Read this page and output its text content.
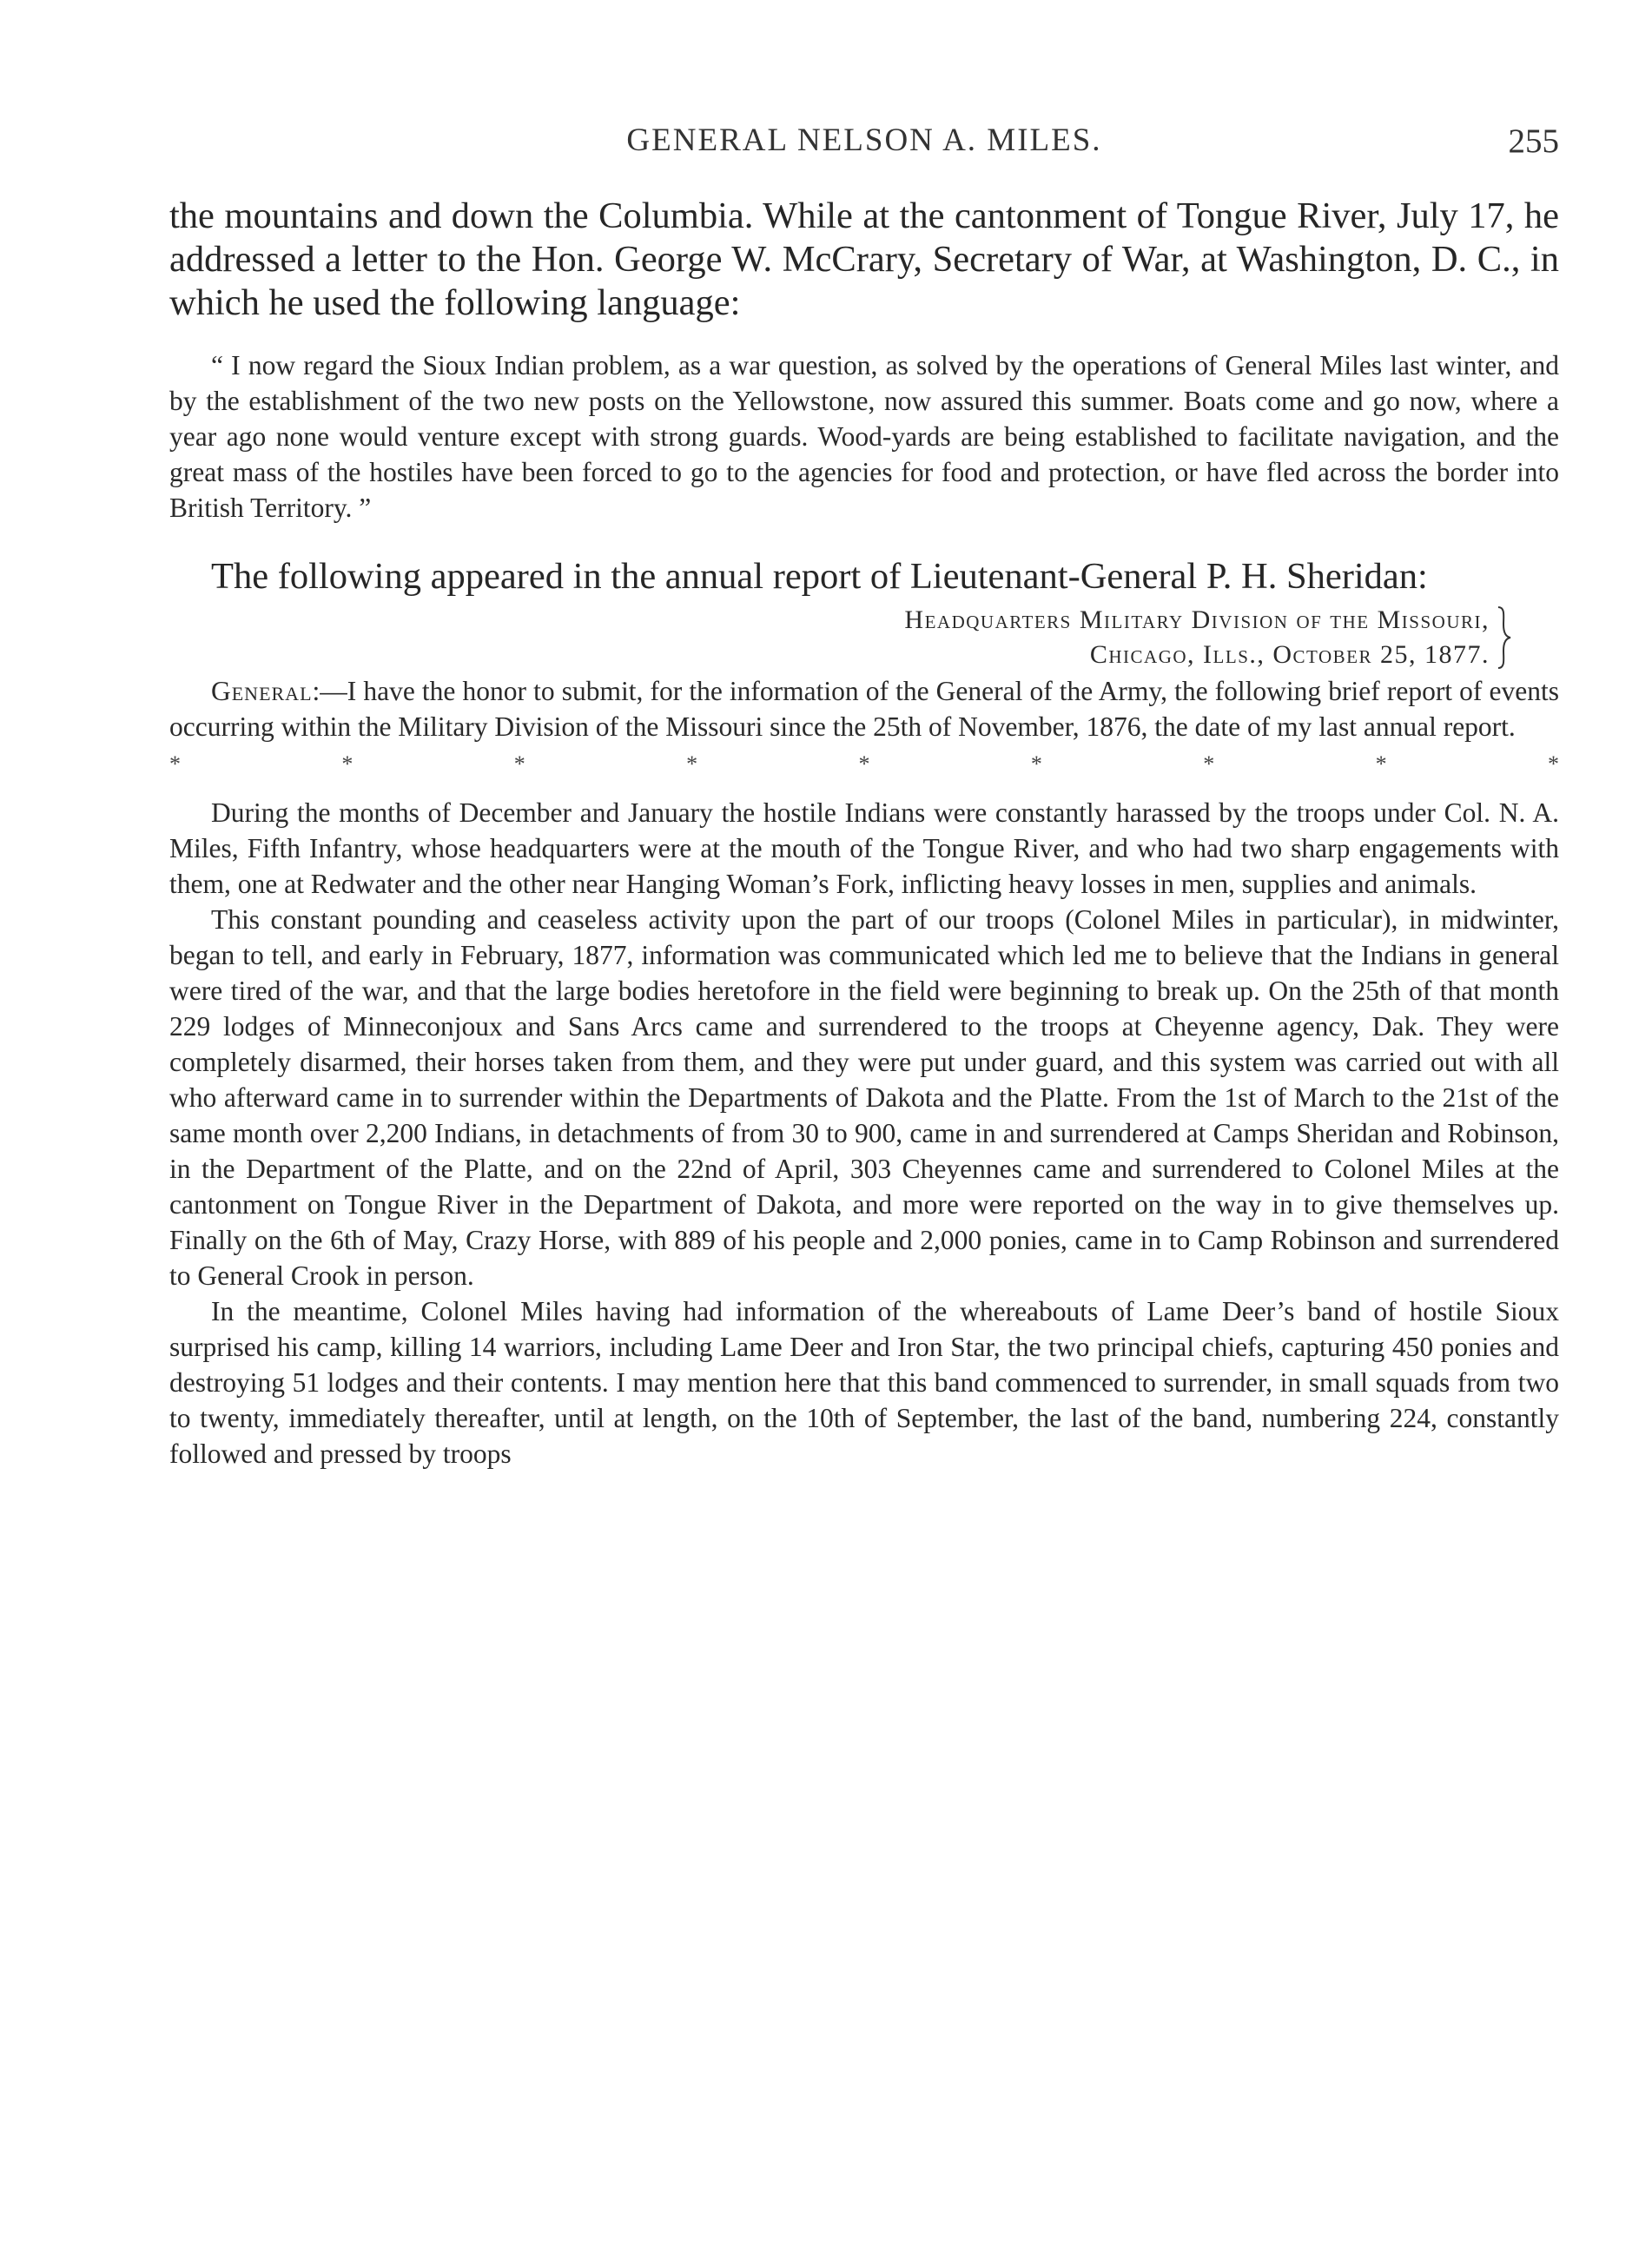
GENERAL NELSON A. MILES.	255

the mountains and down the Columbia. While at the cantonment of Tongue River, July 17, he addressed a letter to the Hon. George W. McCrary, Secretary of War, at Washington, D. C., in which he used the following language:

“ I now regard the Sioux Indian problem, as a war question, as solved by the operations of General Miles last winter, and by the establishment of the two new posts on the Yellowstone, now assured this summer. Boats come and go now, where a year ago none would venture except with strong guards. Wood-yards are being established to facilitate navigation, and the great mass of the hostiles have been forced to go to the agencies for food and protection, or have fled across the border into British Territory. ”

The following appeared in the annual report of Lieutenant-General P. H. Sheridan:

Headquarters Military Division of the Missouri,
Chicago, Ills., October 25, 1877.

General:—I have the honor to submit, for the information of the General of the Army, the following brief report of events occurring within the Military Division of the Missouri since the 25th of November, 1876, the date of my last annual report.

*	*	*	*	*	*	*	*	*

During the months of December and January the hostile Indians were constantly harassed by the troops under Col. N. A. Miles, Fifth Infantry, whose headquarters were at the mouth of the Tongue River, and who had two sharp engagements with them, one at Redwater and the other near Hanging Woman’s Fork, inflicting heavy losses in men, supplies and animals.

This constant pounding and ceaseless activity upon the part of our troops (Colonel Miles in particular), in midwinter, began to tell, and early in February, 1877, information was communicated which led me to believe that the Indians in general were tired of the war, and that the large bodies heretofore in the field were beginning to break up. On the 25th of that month 229 lodges of Minneconjoux and Sans Arcs came and surrendered to the troops at Cheyenne agency, Dak. They were completely disarmed, their horses taken from them, and they were put under guard, and this system was carried out with all who afterward came in to surrender within the Departments of Dakota and the Platte. From the 1st of March to the 21st of the same month over 2,200 Indians, in detachments of from 30 to 900, came in and surrendered at Camps Sheridan and Robinson, in the Department of the Platte, and on the 22nd of April, 303 Cheyennes came and surrendered to Colonel Miles at the cantonment on Tongue River in the Department of Dakota, and more were reported on the way in to give themselves up. Finally on the 6th of May, Crazy Horse, with 889 of his people and 2,000 ponies, came in to Camp Robinson and surrendered to General Crook in person.

In the meantime, Colonel Miles having had information of the whereabouts of Lame Deer’s band of hostile Sioux surprised his camp, killing 14 warriors, including Lame Deer and Iron Star, the two principal chiefs, capturing 450 ponies and destroying 51 lodges and their contents. I may mention here that this band commenced to surrender, in small squads from two to twenty, immediately thereafter, until at length, on the 10th of September, the last of the band, numbering 224, constantly followed and pressed by troops
